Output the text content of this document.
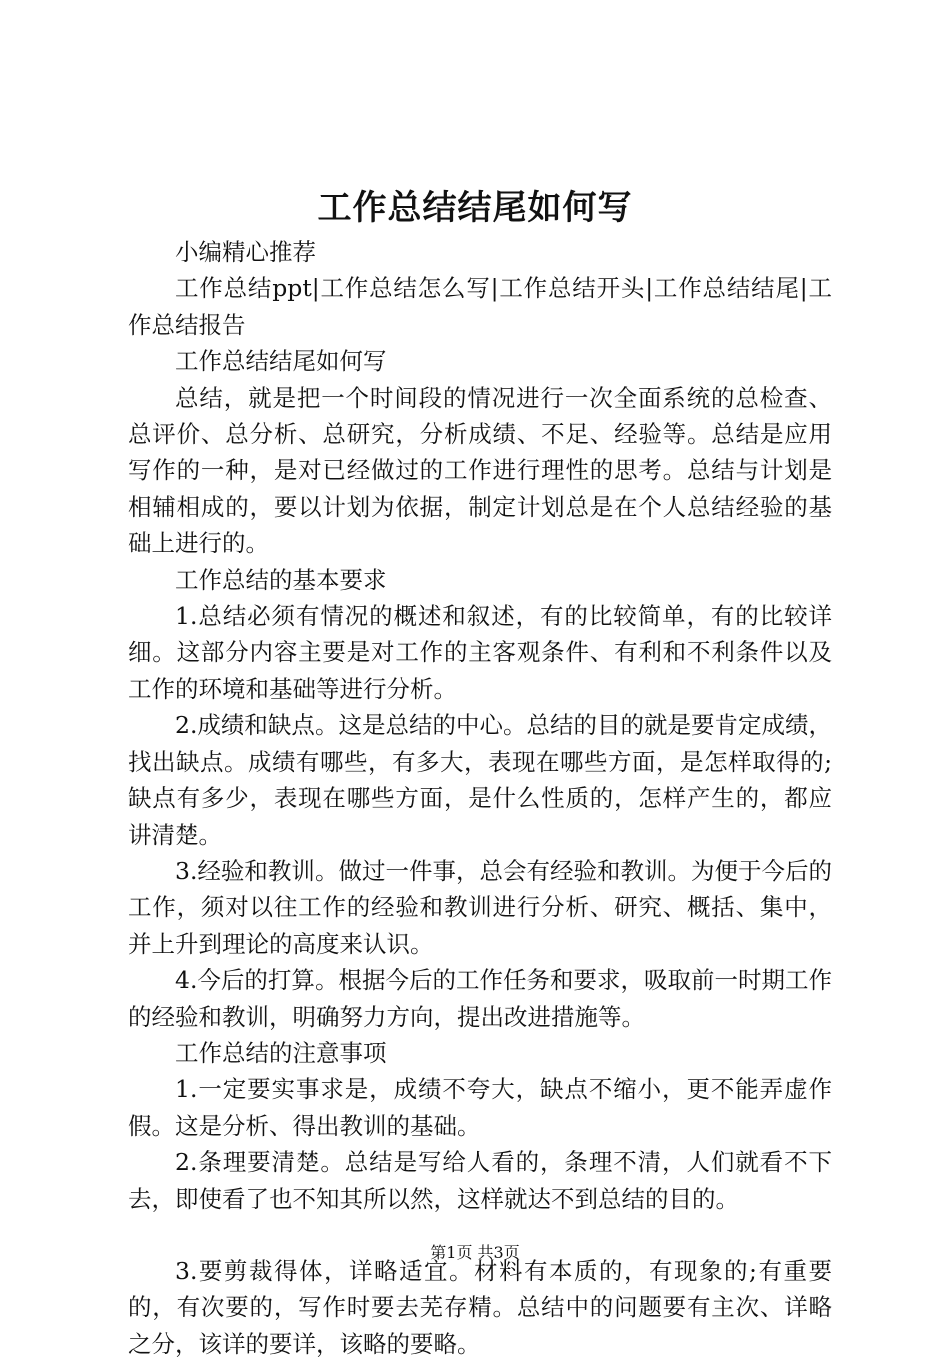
工作总结结尾如何写

小编精心推荐

工作总结ppt|工作总结怎么写|工作总结开头|工作总结结尾|工作总结报告

工作总结结尾如何写

总结，就是把一个时间段的情况进行一次全面系统的总检查、总评价、总分析、总研究，分析成绩、不足、经验等。总结是应用写作的一种，是对已经做过的工作进行理性的思考。总结与计划是相辅相成的，要以计划为依据，制定计划总是在个人总结经验的基础上进行的。

工作总结的基本要求

1.总结必须有情况的概述和叙述，有的比较简单，有的比较详细。这部分内容主要是对工作的主客观条件、有利和不利条件以及工作的环境和基础等进行分析。

2.成绩和缺点。这是总结的中心。总结的目的就是要肯定成绩，找出缺点。成绩有哪些，有多大，表现在哪些方面，是怎样取得的;缺点有多少，表现在哪些方面，是什么性质的，怎样产生的，都应讲清楚。

3.经验和教训。做过一件事，总会有经验和教训。为便于今后的工作，须对以往工作的经验和教训进行分析、研究、概括、集中，并上升到理论的高度来认识。

4.今后的打算。根据今后的工作任务和要求，吸取前一时期工作的经验和教训，明确努力方向，提出改进措施等。

工作总结的注意事项

1.一定要实事求是，成绩不夸大，缺点不缩小，更不能弄虚作假。这是分析、得出教训的基础。

2.条理要清楚。总结是写给人看的，条理不清，人们就看不下去，即使看了也不知其所以然，这样就达不到总结的目的。

3.要剪裁得体，详略适宜。材料有本质的，有现象的;有重要的，有次要的，写作时要去芜存精。总结中的问题要有主次、详略之分，该详的要详，该略的要略。

第1页 共3页
